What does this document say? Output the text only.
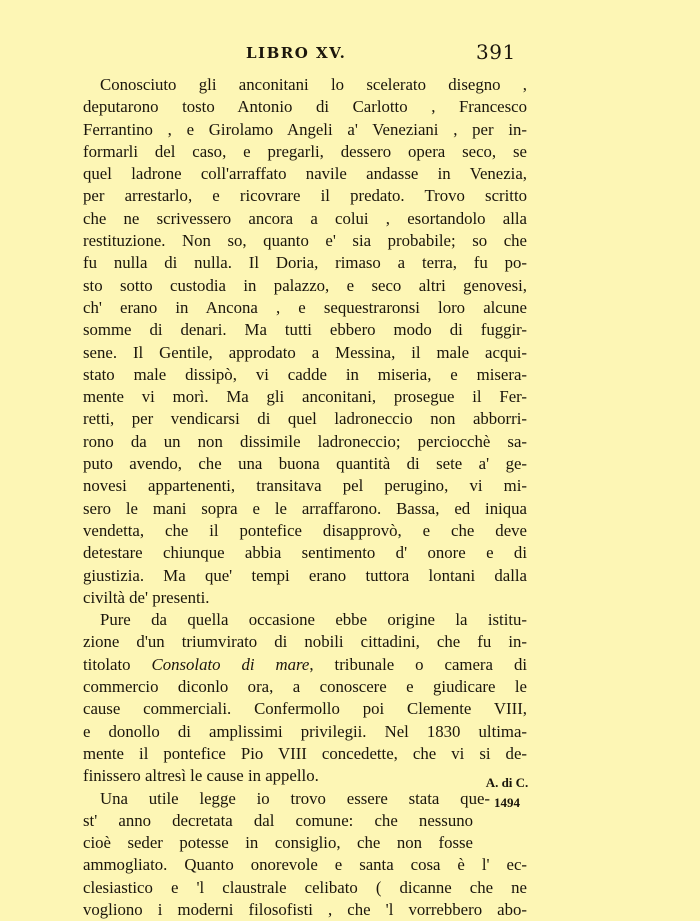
LIBRO XV.	391
Conosciuto gli anconitani lo scelerato disegno ,
deputarono tosto Antonio di Carlotto , Francesco
Ferrantino , e Girolamo Angeli a' Veneziani , per in-
formarli del caso, e pregarli, dessero opera seco, se
quel ladrone coll'arraffato navile andasse in Venezia,
per arrestarlo, e ricovrare il predato. Trovo scritto
che ne scrivessero ancora a colui , esortandolo alla
restituzione. Non so, quanto e' sia probabile; so che
fu nulla di nulla. Il Doria, rimaso a terra, fu po-
sto sotto custodia in palazzo, e seco altri genovesi,
ch' erano in Ancona , e sequestraronsi loro alcune
somme di denari. Ma tutti ebbero modo di fuggir-
sene. Il Gentile, approdato a Messina, il male acqui-
stato male dissipò, vi cadde in miseria, e misera-
mente vi morì. Ma gli anconitani, prosegue il Fer-
retti, per vendicarsi di quel ladroneccio non abborri-
rono da un non dissimile ladroneccio; perciocchè sa-
puto avendo, che una buona quantità di sete a' ge-
novesi appartenenti, transitava pel perugino, vi mi-
sero le mani sopra e le arraffarono. Bassa, ed iniqua
vendetta, che il pontefice disapprovò, e che deve
detestare chiunque abbia sentimento d' onore e di
giustizia. Ma que' tempi erano tuttora lontani dalla
civiltà de' presenti.
Pure da quella occasione ebbe origine la istitu-
zione d'un triumvirato di nobili cittadini, che fu in-
titolato Consolato di mare, tribunale o camera di
commercio diconlo ora, a conoscere e giudicare le
cause commerciali. Confermollo poi Clemente VIII,
e donollo di amplissimi privilegii. Nel 1830 ultima-
mente il pontefice Pio VIII concedette, che vi si de-
finissero altresì le cause in appello.
Una utile legge io trovo essere stata que-
st' anno decretata dal comune: che nessuno
cioè seder potesse in consiglio, che non fosse
ammogliato. Quanto onorevole e santa cosa è l' ec-
clesiastico e 'l claustrale celibato ( dicanne che ne
vogliono i moderni filosofisti , che 'l vorrebbero abo-
A. di C.
1494
